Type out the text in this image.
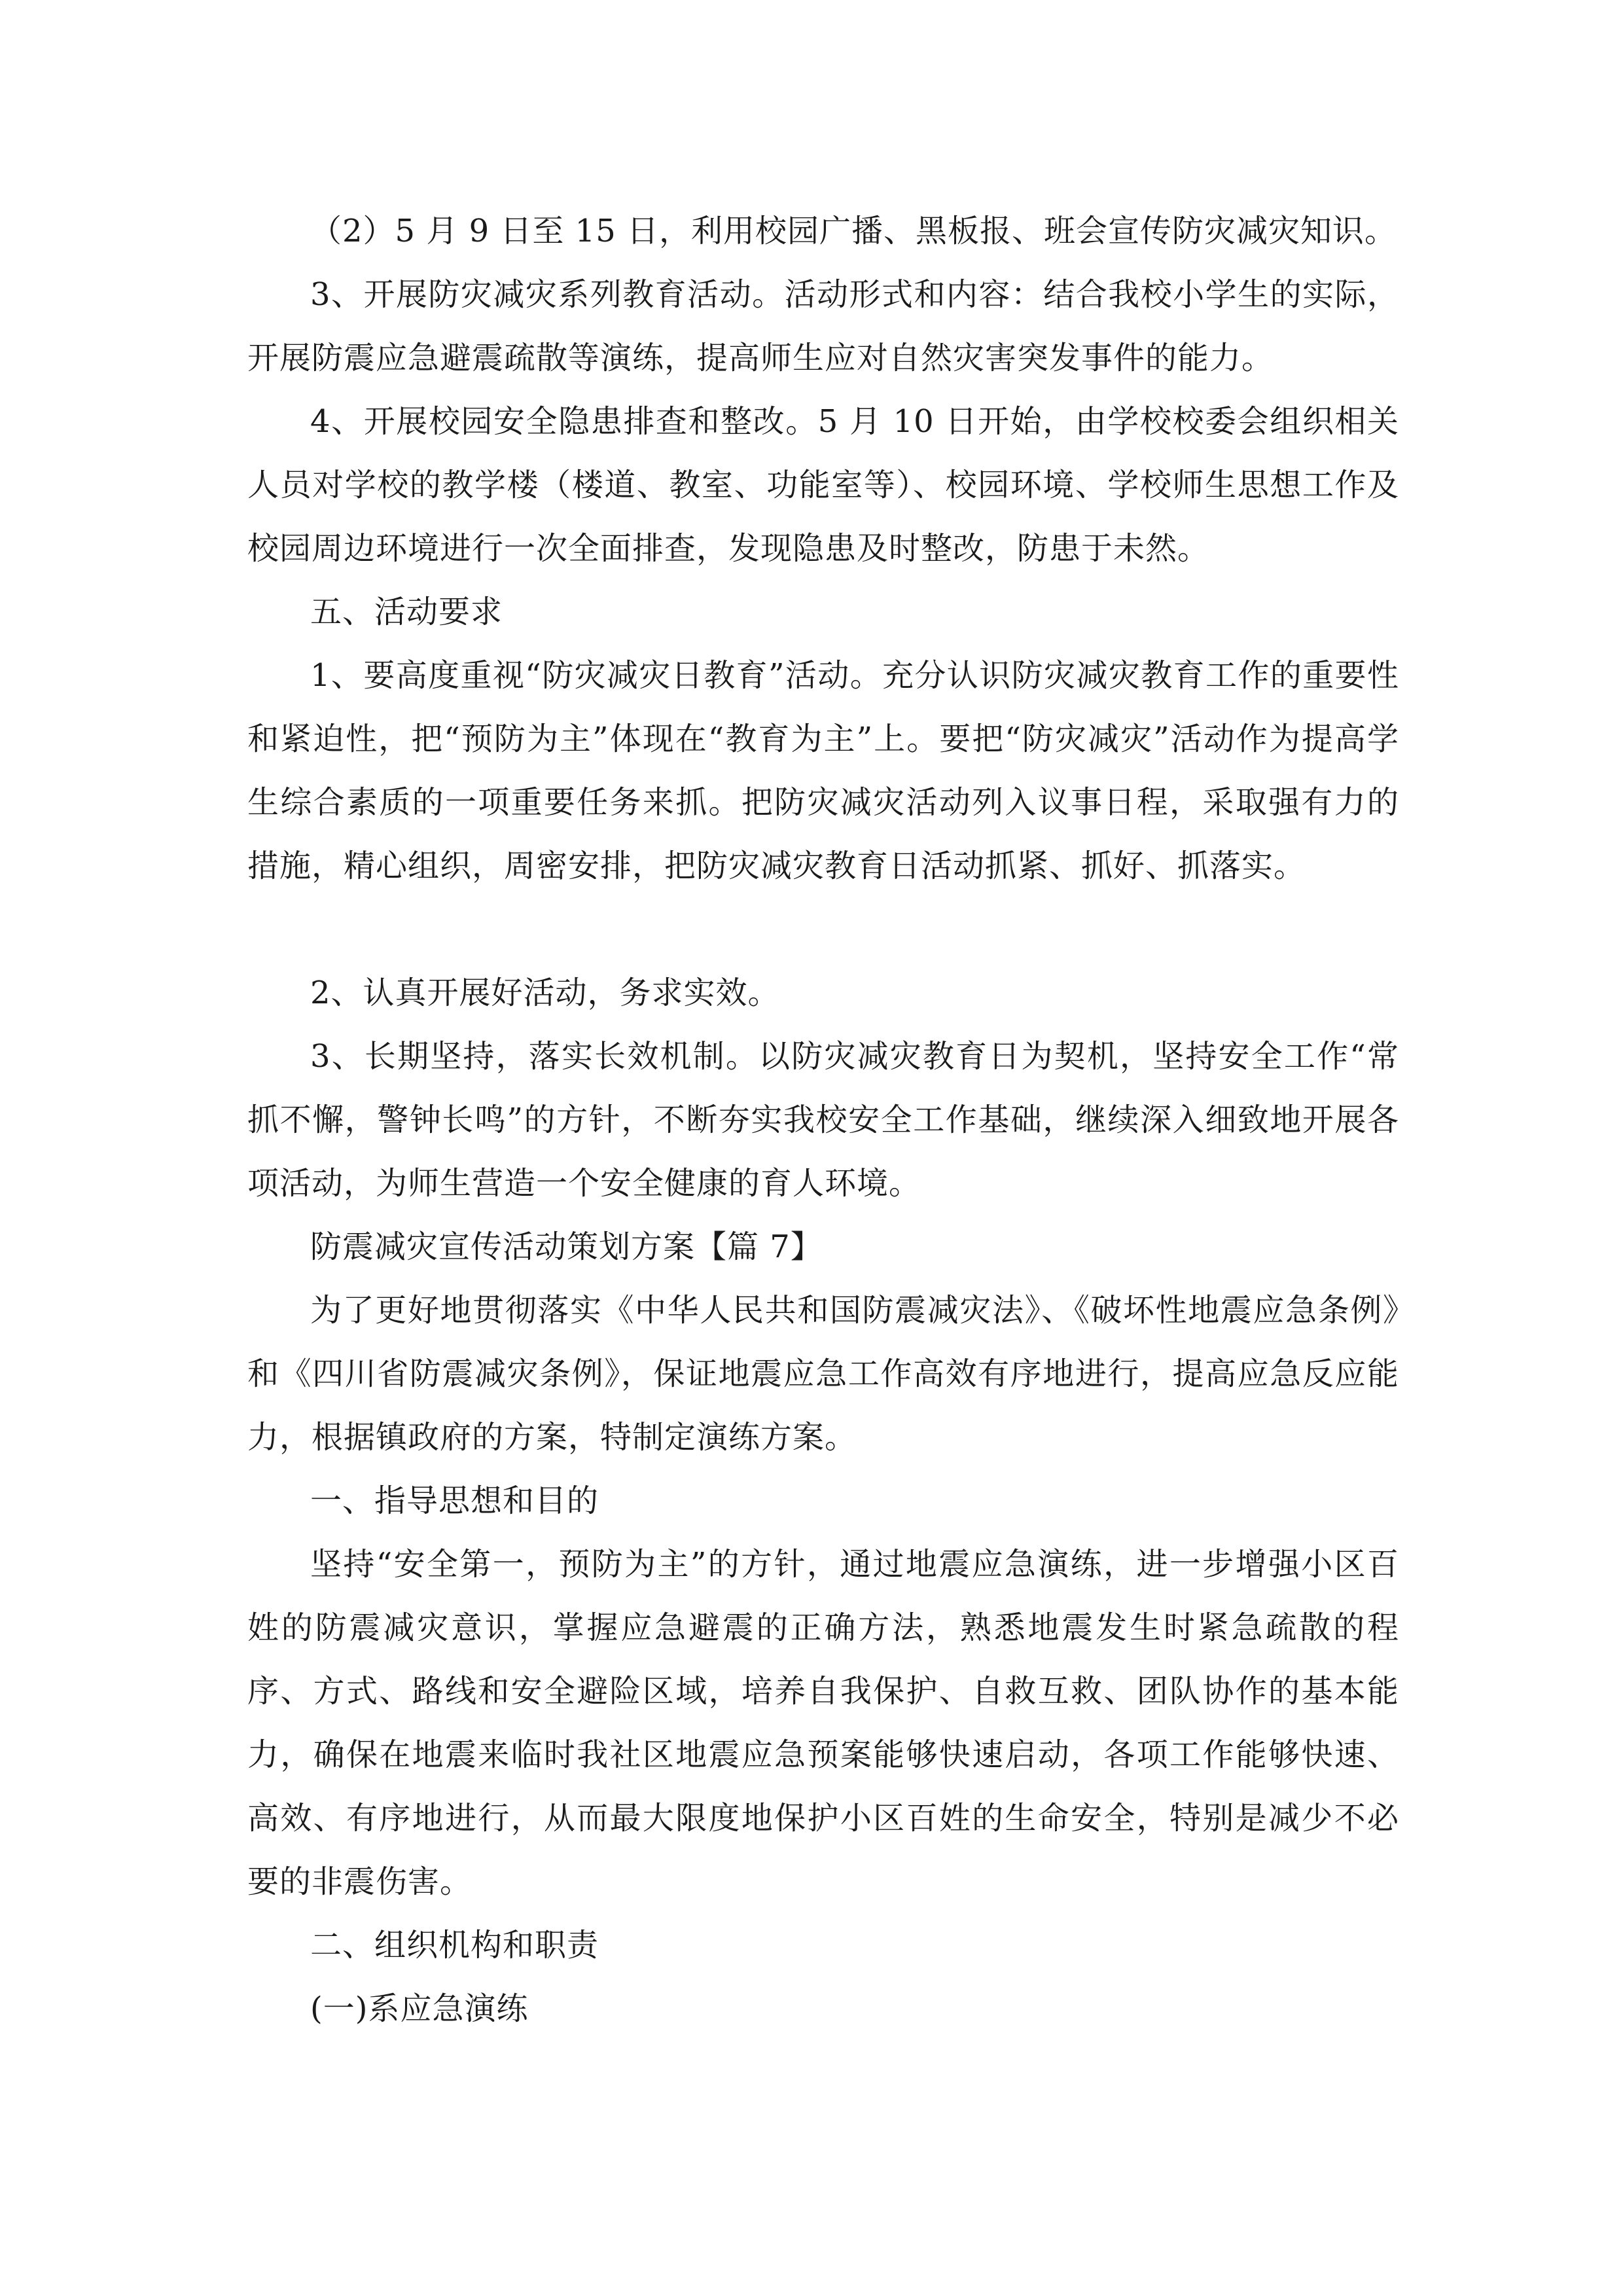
（2）5 月 9 日至 15 日，利用校园广播、黑板报、班会宣传防灾减灾知识。

3、开展防灾减灾系列教育活动。活动形式和内容：结合我校小学生的实际，开展防震应急避震疏散等演练，提高师生应对自然灾害突发事件的能力。

4、开展校园安全隐患排查和整改。5 月 10 日开始，由学校校委会组织相关人员对学校的教学楼（楼道、教室、功能室等）、校园环境、学校师生思想工作及校园周边环境进行一次全面排查，发现隐患及时整改，防患于未然。

五、活动要求

1、要高度重视“防灾减灾日教育”活动。充分认识防灾减灾教育工作的重要性和紧迫性，把“预防为主”体现在“教育为主”上。要把“防灾减灾”活动作为提高学生综合素质的一项重要任务来抓。把防灾减灾活动列入议事日程，采取强有力的措施，精心组织，周密安排，把防灾减灾教育日活动抓紧、抓好、抓落实。

2、认真开展好活动，务求实效。

3、长期坚持，落实长效机制。以防灾减灾教育日为契机，坚持安全工作“常抓不懈，警钟长鸣”的方针，不断夯实我校安全工作基础，继续深入细致地开展各项活动，为师生营造一个安全健康的育人环境。

防震减灾宣传活动策划方案【篇 7】

为了更好地贯彻落实《中华人民共和国防震减灾法》、《破坏性地震应急条例》和《四川省防震减灾条例》，保证地震应急工作高效有序地进行，提高应急反应能力，根据镇政府的方案，特制定演练方案。

一、指导思想和目的

坚持“安全第一，预防为主”的方针，通过地震应急演练，进一步增强小区百姓的防震减灾意识，掌握应急避震的正确方法，熟悉地震发生时紧急疏散的程序、方式、路线和安全避险区域，培养自我保护、自救互救、团队协作的基本能力，确保在地震来临时我社区地震应急预案能够快速启动，各项工作能够快速、高效、有序地进行，从而最大限度地保护小区百姓的生命安全，特别是减少不必要的非震伤害。

二、组织机构和职责

(一)系应急演练
